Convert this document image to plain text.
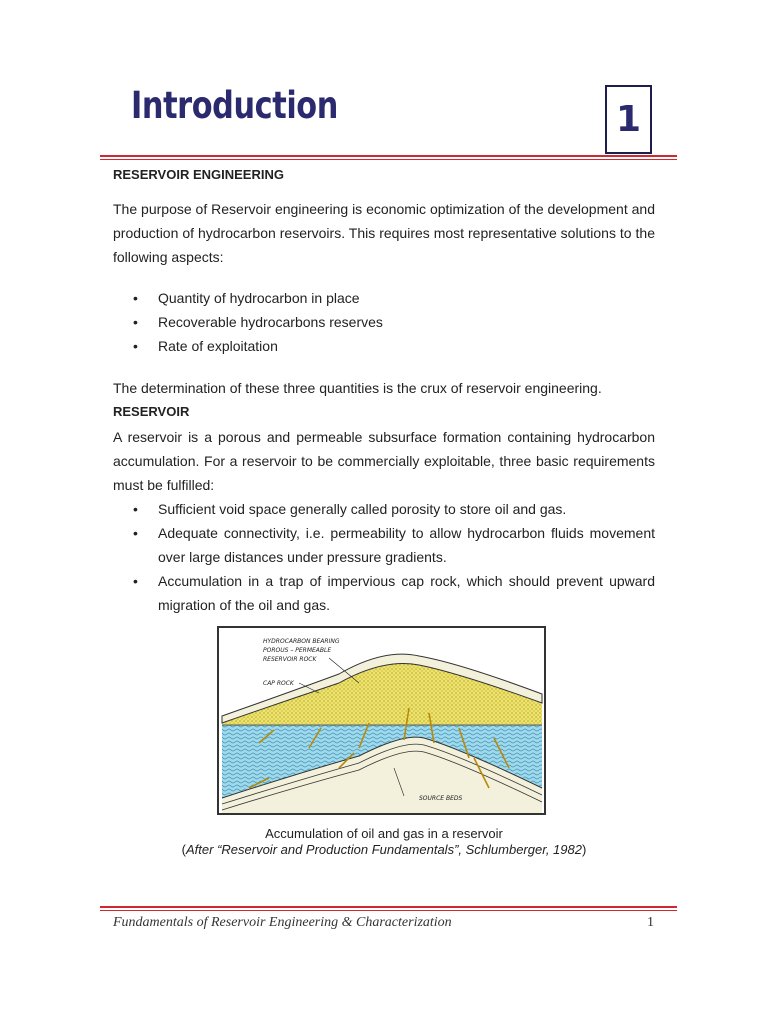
Introduction	1
RESERVOIR ENGINEERING
The purpose of Reservoir engineering is economic optimization of the development and production of hydrocarbon reservoirs. This requires most representative solutions to the following aspects:
• Quantity of hydrocarbon in place
• Recoverable hydrocarbons reserves
• Rate of exploitation
The determination of these three quantities is the crux of reservoir engineering.
RESERVOIR
A reservoir is a porous and permeable subsurface formation containing hydrocarbon accumulation. For a reservoir to be commercially exploitable, three basic requirements must be fulfilled:
• Sufficient void space generally called porosity to store oil and gas.
• Adequate connectivity, i.e. permeability to allow hydrocarbon fluids movement over large distances under pressure gradients.
• Accumulation in a trap of impervious cap rock, which should prevent upward migration of the oil and gas.
HYDROCARBON BEARING
POROUS – PERMEABLE
RESERVOIR ROCK
CAP ROCK
SOURCE BEDS
Accumulation of oil and gas in a reservoir
(After “Reservoir and Production Fundamentals”, Schlumberger, 1982)
Fundamentals of Reservoir Engineering & Characterization	1
